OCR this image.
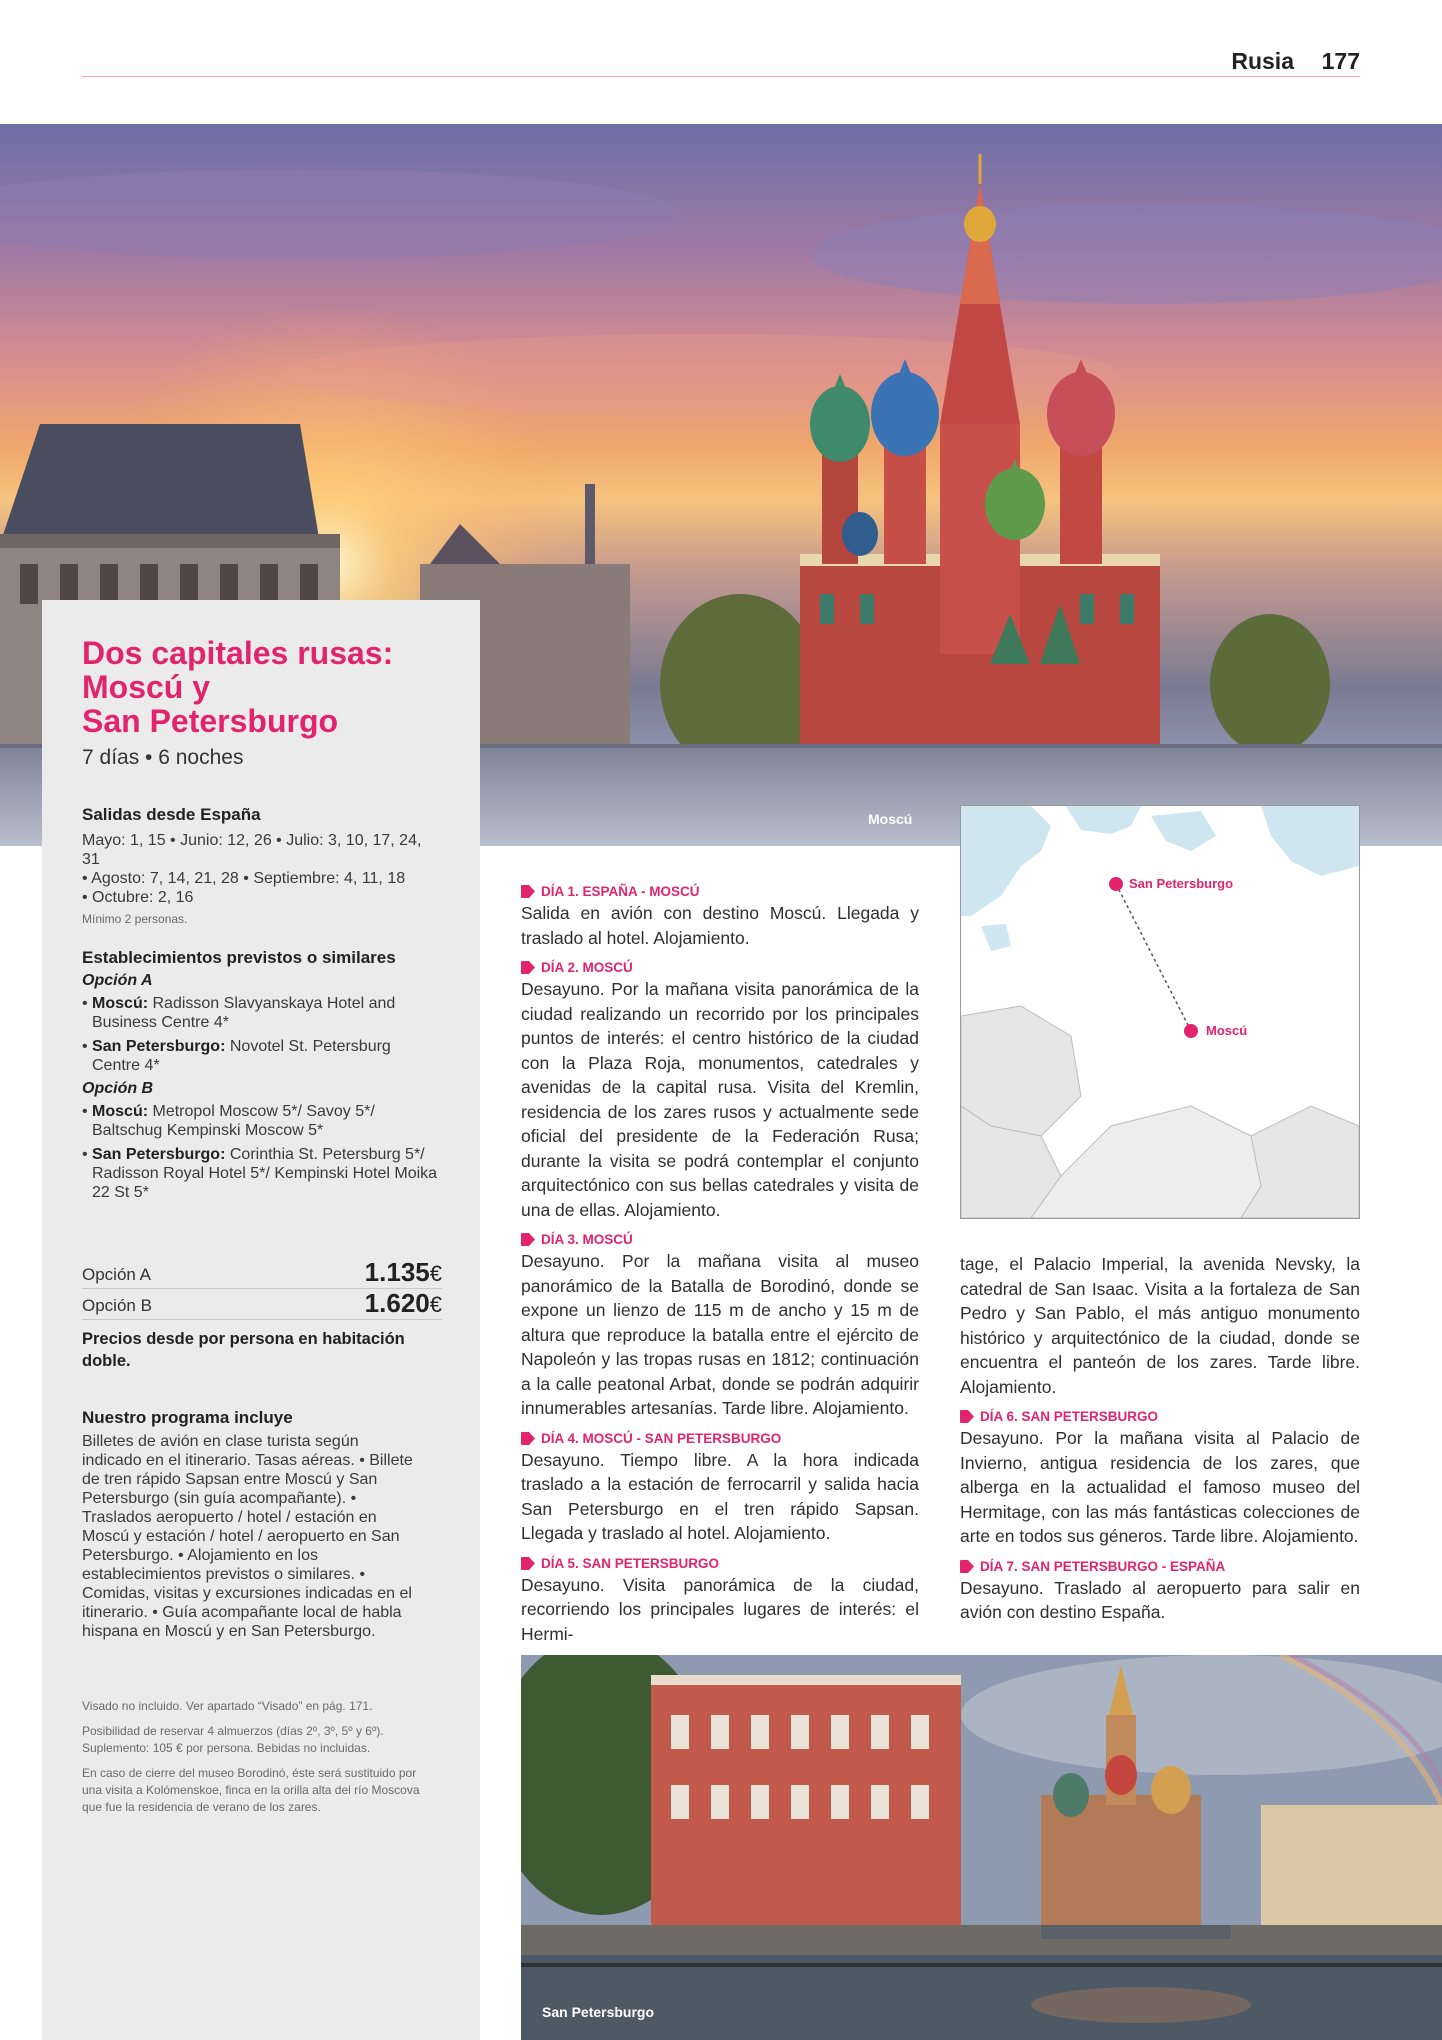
Rusia 177
Moscú
Dos capitales rusas:
Moscú y
San Petersburgo
7 días • 6 noches

Salidas desde España

Mayo: 1, 15 • Junio: 12, 26 • Julio: 3, 10, 17, 24, 31
• Agosto: 7, 14, 21, 28 • Septiembre: 4, 11, 18
• Octubre: 2, 16
Mínimo 2 personas.

Establecimientos previstos o similares

Opción A
• Moscú: Radisson Slavyanskaya Hotel and Business Centre 4*
• San Petersburgo: Novotel St. Petersburg Centre 4*
Opción B
• Moscú: Metropol Moscow 5*/ Savoy 5*/ Baltschug Kempinski Moscow 5*
• San Petersburgo: Corinthia St. Petersburg 5*/ Radisson Royal Hotel 5*/ Kempinski Hotel Moika 22 St 5*
Opción A	1.135€
Opción B	1.620€

Precios desde por persona en habitación doble.

Nuestro programa incluye

Billetes de avión en clase turista según indicado en el itinerario. Tasas aéreas. • Billete de tren rápido Sapsan entre Moscú y San Petersburgo (sin guía acompañante). • Traslados aeropuerto / hotel / estación en Moscú y estación / hotel / aeropuerto en San Petersburgo. • Alojamiento en los establecimientos previstos o similares. • Comidas, visitas y excursiones indicadas en el itinerario. • Guía acompañante local de habla hispana en Moscú y en San Petersburgo.
Visado no incluido. Ver apartado “Visado” en pág. 171.
Posibilidad de reservar 4 almuerzos (días 2º, 3º, 5º y 6º). Suplemento: 105 € por persona. Bebidas no incluidas.
En caso de cierre del museo Borodinó, éste será sustituido por una visita a Kolómenskoe, finca en la orilla alta del río Moscova que fue la residencia de verano de los zares.

DÍA 1. ESPAÑA - MOSCÚ

Salida en avión con destino Moscú. Llegada y traslado al hotel. Alojamiento.

DÍA 2. MOSCÚ

Desayuno. Por la mañana visita panorámica de la ciudad realizando un recorrido por los principales puntos de interés: el centro histórico de la ciudad con la Plaza Roja, monumentos, catedrales y avenidas de la capital rusa. Visita del Kremlin, residencia de los zares rusos y actualmente sede oficial del presidente de la Federación Rusa; durante la visita se podrá contemplar el conjunto arquitectónico con sus bellas catedrales y visita de una de ellas. Alojamiento.

DÍA 3. MOSCÚ

Desayuno. Por la mañana visita al museo panorámico de la Batalla de Borodinó, donde se expone un lienzo de 115 m de ancho y 15 m de altura que reproduce la batalla entre el ejército de Napoleón y las tropas rusas en 1812; continuación a la calle peatonal Arbat, donde se podrán adquirir innumerables artesanías. Tarde libre. Alojamiento.

DÍA 4. MOSCÚ - SAN PETERSBURGO

Desayuno. Tiempo libre. A la hora indicada traslado a la estación de ferrocarril y salida hacia San Petersburgo en el tren rápido Sapsan. Llegada y traslado al hotel. Alojamiento.

DÍA 5. SAN PETERSBURGO

Desayuno. Visita panorámica de la ciudad, recorriendo los principales lugares de interés: el Hermi-

San Petersburgo
Moscú

tage, el Palacio Imperial, la avenida Nevsky, la catedral de San Isaac. Visita a la fortaleza de San Pedro y San Pablo, el más antiguo monumento histórico y arquitectónico de la ciudad, donde se encuentra el panteón de los zares. Tarde libre. Alojamiento.

DÍA 6. SAN PETERSBURGO

Desayuno. Por la mañana visita al Palacio de Invierno, antigua residencia de los zares, que alberga en la actualidad el famoso museo del Hermitage, con las más fantásticas colecciones de arte en todos sus géneros. Tarde libre. Alojamiento.

DÍA 7. SAN PETERSBURGO - ESPAÑA

Desayuno. Traslado al aeropuerto para salir en avión con destino España.

San Petersburgo
